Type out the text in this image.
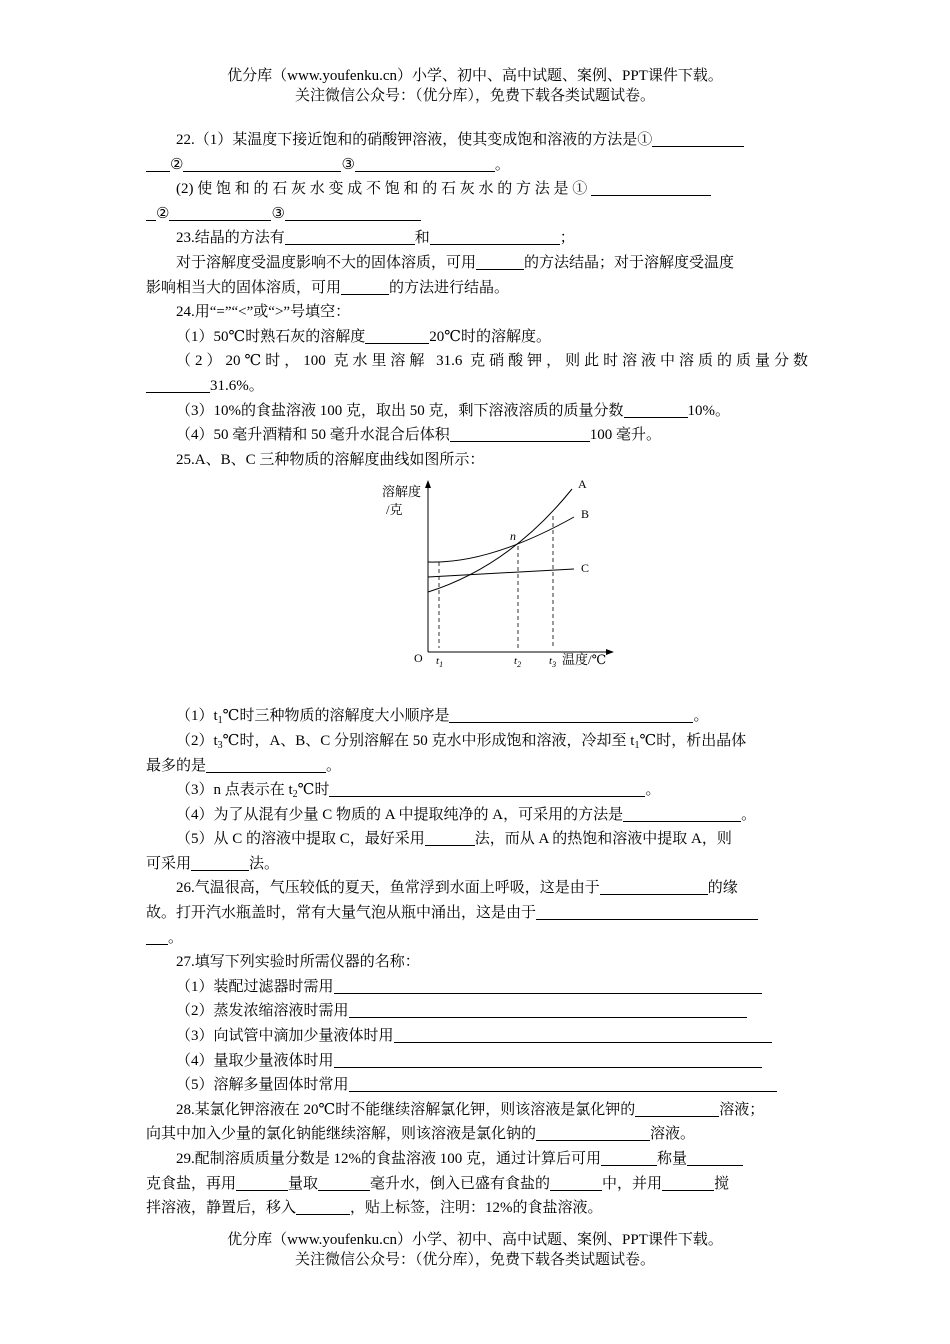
优分库（www.youfenku.cn）小学、初中、高中试题、案例、PPT课件下载。
关注微信公众号：（优分库），免费下载各类试题试卷。
22.（1）某温度下接近饱和的硝酸钾溶液，使其变成饱和溶液的方法是①
②	③	。
(2) 使 饱 和 的 石 灰 水 变 成 不 饱 和 的 石 灰 水 的 方 法 是 ①
②	③
23.结晶的方法有	和	；
对于溶解度受温度影响不大的固体溶质，可用	的方法结晶；对于溶解度受温度
影响相当大的固体溶质，可用	的方法进行结晶。
24.用“=”“<”或“>”号填空：
（1）50℃时熟石灰的溶解度	20℃时的溶解度。
（2）20℃时，100 克水里溶解 31.6 克硝酸钾，则此时溶液中溶质的质量分数
31.6%。
（3）10%的食盐溶液 100 克，取出 50 克，剩下溶液溶质的质量分数	10%。
（4）50 毫升酒精和 50 毫升水混合后体积	100 毫升。
25.A、B、C 三种物质的溶解度曲线如图所示：
溶解度
/克
温度/℃
O
A
B
C
n
$t_1$	$t_2$	$t_3$
$(1)t_1℃$时三种物质的溶解度大小顺序是	。
$(2)t_3℃$时，A、B、C 分别溶解在 50 克水中形成饱和溶液，冷却至 $t_1℃$时，析出晶体
最多的是	。
（3）n 点表示在 $t_2℃$时	。
（4）为了从混有少量 C 物质的 A 中提取纯净的 A，可采用的方法是	。
（5）从 C 的溶液中提取 C，最好采用	法，而从 A 的热饱和溶液中提取 A，则
可采用	法。
26.气温很高，气压较低的夏天，鱼常浮到水面上呼吸，这是由于	的缘
故。打开汽水瓶盖时，常有大量气泡从瓶中涌出，这是由于
。
27.填写下列实验时所需仪器的名称：
（1）装配过滤器时需用
（2）蒸发浓缩溶液时需用
（3）向试管中滴加少量液体时用
（4）量取少量液体时用
（5）溶解多量固体时常用
28.某氯化钾溶液在 20℃时不能继续溶解氯化钾，则该溶液是氯化钾的	溶液；
向其中加入少量的氯化钠能继续溶解，则该溶液是氯化钠的	溶液。
29.配制溶质质量分数是 12%的食盐溶液 100 克，通过计算后可用	称量
克食盐，再用	量取	毫升水，倒入已盛有食盐的	中，并用	搅
拌溶液，静置后，移入	，贴上标签，注明：12%的食盐溶液。
优分库（www.youfenku.cn）小学、初中、高中试题、案例、PPT课件下载。
关注微信公众号：（优分库），免费下载各类试题试卷。
